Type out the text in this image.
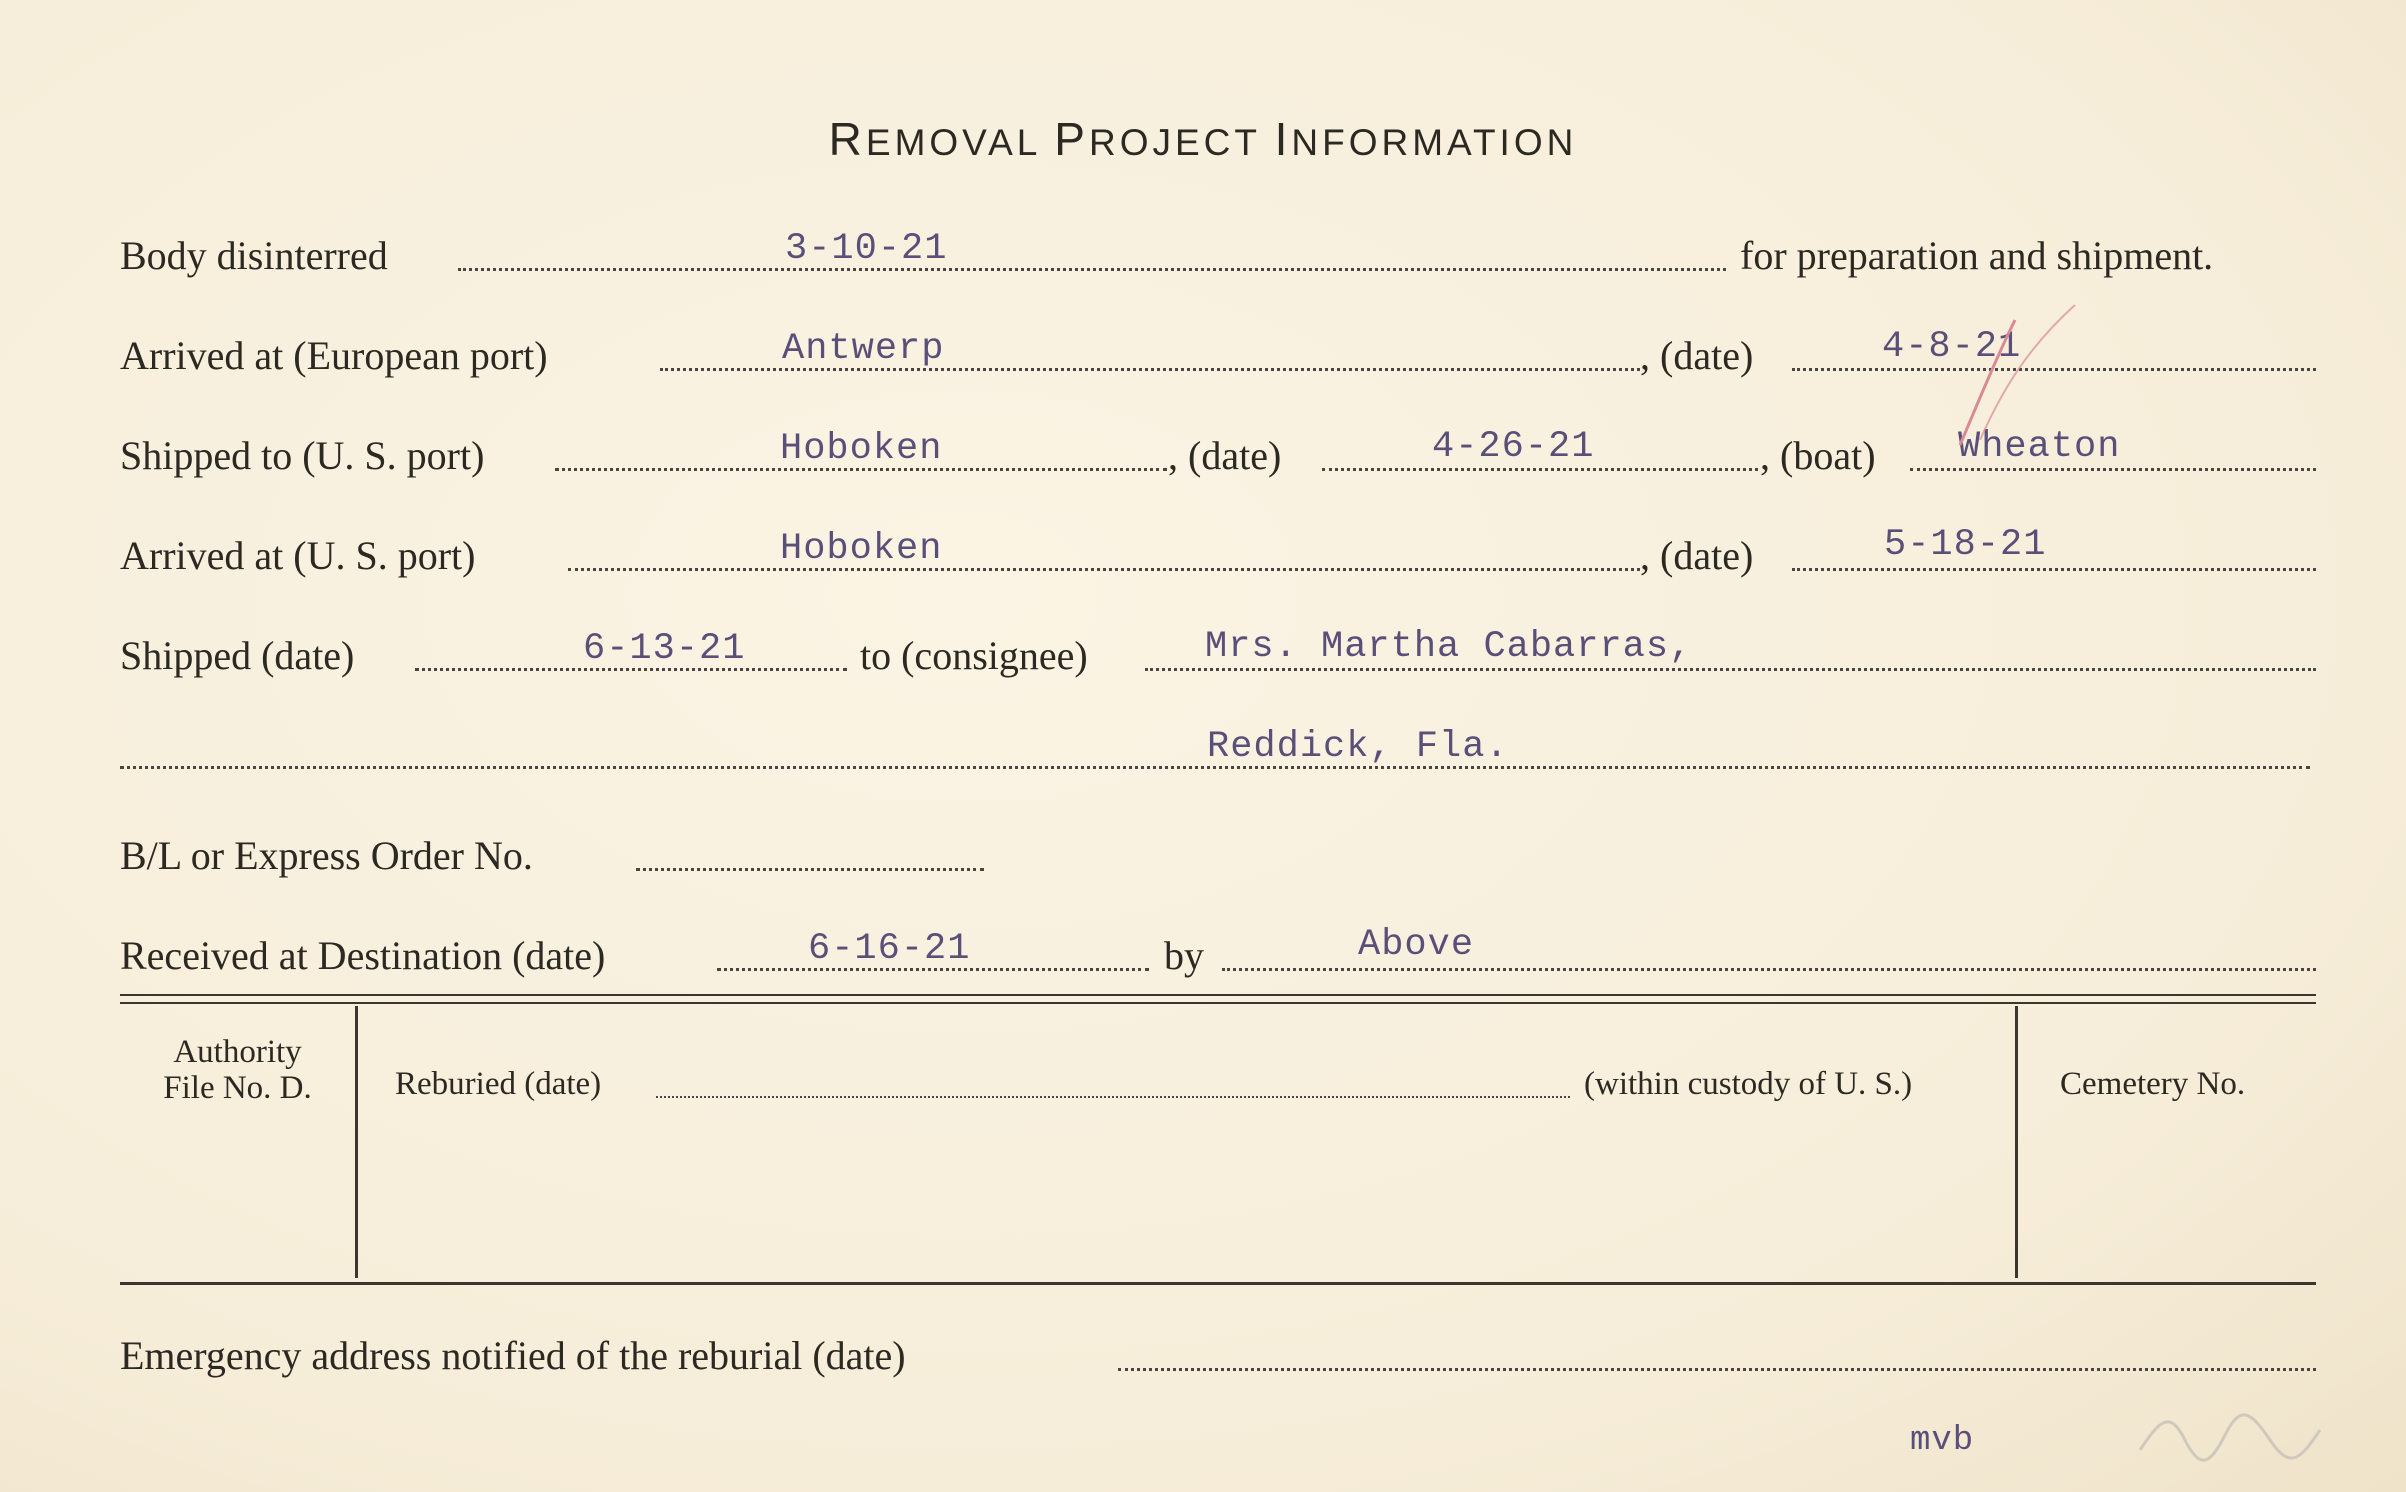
REMOVAL PROJECT INFORMATION
Body disinterred	3-10-21	for preparation and shipment.
Arrived at (European port)	Antwerp	, (date)	4-8-21
Shipped to (U. S. port)	Hoboken	, (date)	4-26-21	, (boat) Wheaton
Arrived at (U. S. port)	Hoboken	, (date)	5-18-21
Shipped (date)	6-13-21	to (consignee)	Mrs. Martha Cabarras,
Reddick, Fla.
B/L or Express Order No.
Received at Destination (date)	6-16-21	by	Above
Authority
File No. D.	Reburied (date)	(within custody of U. S.)	Cemetery No.
Emergency address notified of the reburial (date)
mvb
